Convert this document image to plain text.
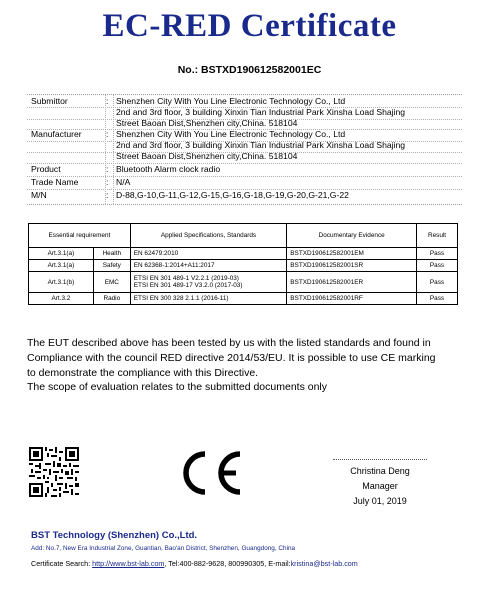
EC-RED Certificate
No.: BSTXD190612582001EC
Submittor	: Shenzhen City With You Line Electronic Technology Co., Ltd
2nd and 3rd floor, 3 building Xinxin Tian Industrial Park Xinsha Load Shajing
Street Baoan Dist,Shenzhen city,China. 518104
Manufacturer	: Shenzhen City With You Line Electronic Technology Co., Ltd
2nd and 3rd floor, 3 building Xinxin Tian Industrial Park Xinsha Load Shajing
Street Baoan Dist,Shenzhen city,China. 518104
Product	: Bluetooth Alarm clock radio
Trade Name	: N/A
M/N	: D-88,G-10,G-11,G-12,G-15,G-16,G-18,G-19,G-20,G-21,G-22
Essential requirement		Applied Specifications, Standards	Documentary Evidence	Result
Art.3.1(a)	Health	EN 62479:2010	BSTXD190612582001EM	Pass
Art.3.1(a)	Safety	EN 62368-1:2014+A11:2017	BSTXD190612582001SR	Pass
Art.3.1(b)	EMC	ETSI EN 301 489-1 V2.2.1 (2019-03)
ETSI EN 301 489-17 V3.2.0 (2017-03)	BSTXD190612582001ER	Pass
Art.3.2	Radio	ETSI EN 300 328 2.1.1 (2016-11)	BSTXD190612582001RF	Pass

The EUT described above has been tested by us with the listed standards and found in

Compliance with the council RED directive 2014/53/EU. It is possible to use CE marking

to demonstrate the compliance with this Directive.

The scope of evaluation relates to the submitted documents only

Christina Deng
Manager
July 01, 2019
BST Technology (Shenzhen) Co.,Ltd.
Add: No.7, New Era Industrial Zone, Guantian, Bao'an District, Shenzhen, Guangdong, China
Certificate Search: http://www.bst-lab.com, Tel:400-882-9628, 800990305, E-mail:kristina@bst-lab.com
